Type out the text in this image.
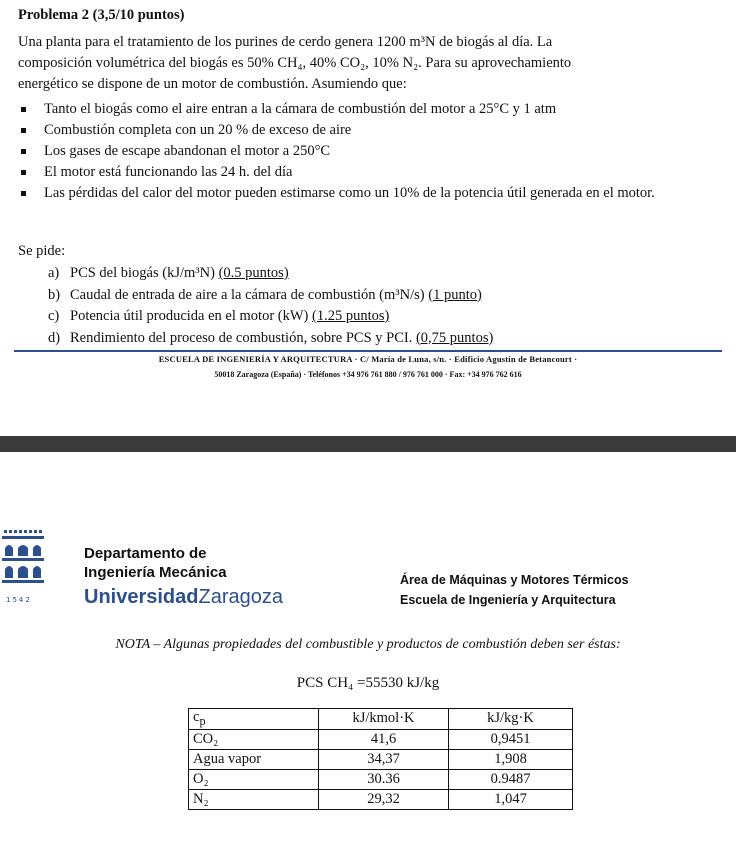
Problema 2 (3,5/10 puntos)
Una planta para el tratamiento de los purines de cerdo genera 1200 m³N de biogás al día. La
composición volumétrica del biogás es 50% CH₄, 40% CO₂, 10% N₂. Para su aprovechamiento
energético se dispone de un motor de combustión. Asumiendo que:
Tanto el biogás como el aire entran a la cámara de combustión del motor a 25°C y 1 atm
Combustión completa con un 20 % de exceso de aire
Los gases de escape abandonan el motor a 250°C
El motor está funcionando las 24 h. del día
Las pérdidas del calor del motor pueden estimarse como un 10% de la potencia útil generada en el motor.
Se pide:
a) PCS del biogás (kJ/m³N) (0.5 puntos)
b) Caudal de entrada de aire a la cámara de combustión (m³N/s) (1 punto)
c) Potencia útil producida en el motor (kW) (1.25 puntos)
d) Rendimiento del proceso de combustión, sobre PCS y PCI. (0,75 puntos)
ESCUELA DE INGENIERÍA Y ARQUITECTURA · C/ María de Luna, s/n. · Edificio Agustín de Betancourt ·
50018 Zaragoza (España) · Teléfonos +34 976 761 880 / 976 761 000 · Fax: +34 976 762 616
1542
Departamento de
Ingeniería Mecánica
UniversidadZaragoza
Área de Máquinas y Motores Térmicos
Escuela de Ingeniería y Arquitectura
NOTA – Algunas propiedades del combustible y productos de combustión deben ser éstas:
PCS CH₄ =55530 kJ/kg
$c_p$	kJ/kmol·K	kJ/kg·K
CO₂	41,6	0,9451
Agua vapor	34,37	1,908
O₂	30.36	0.9487
N₂	29,32	1,047
